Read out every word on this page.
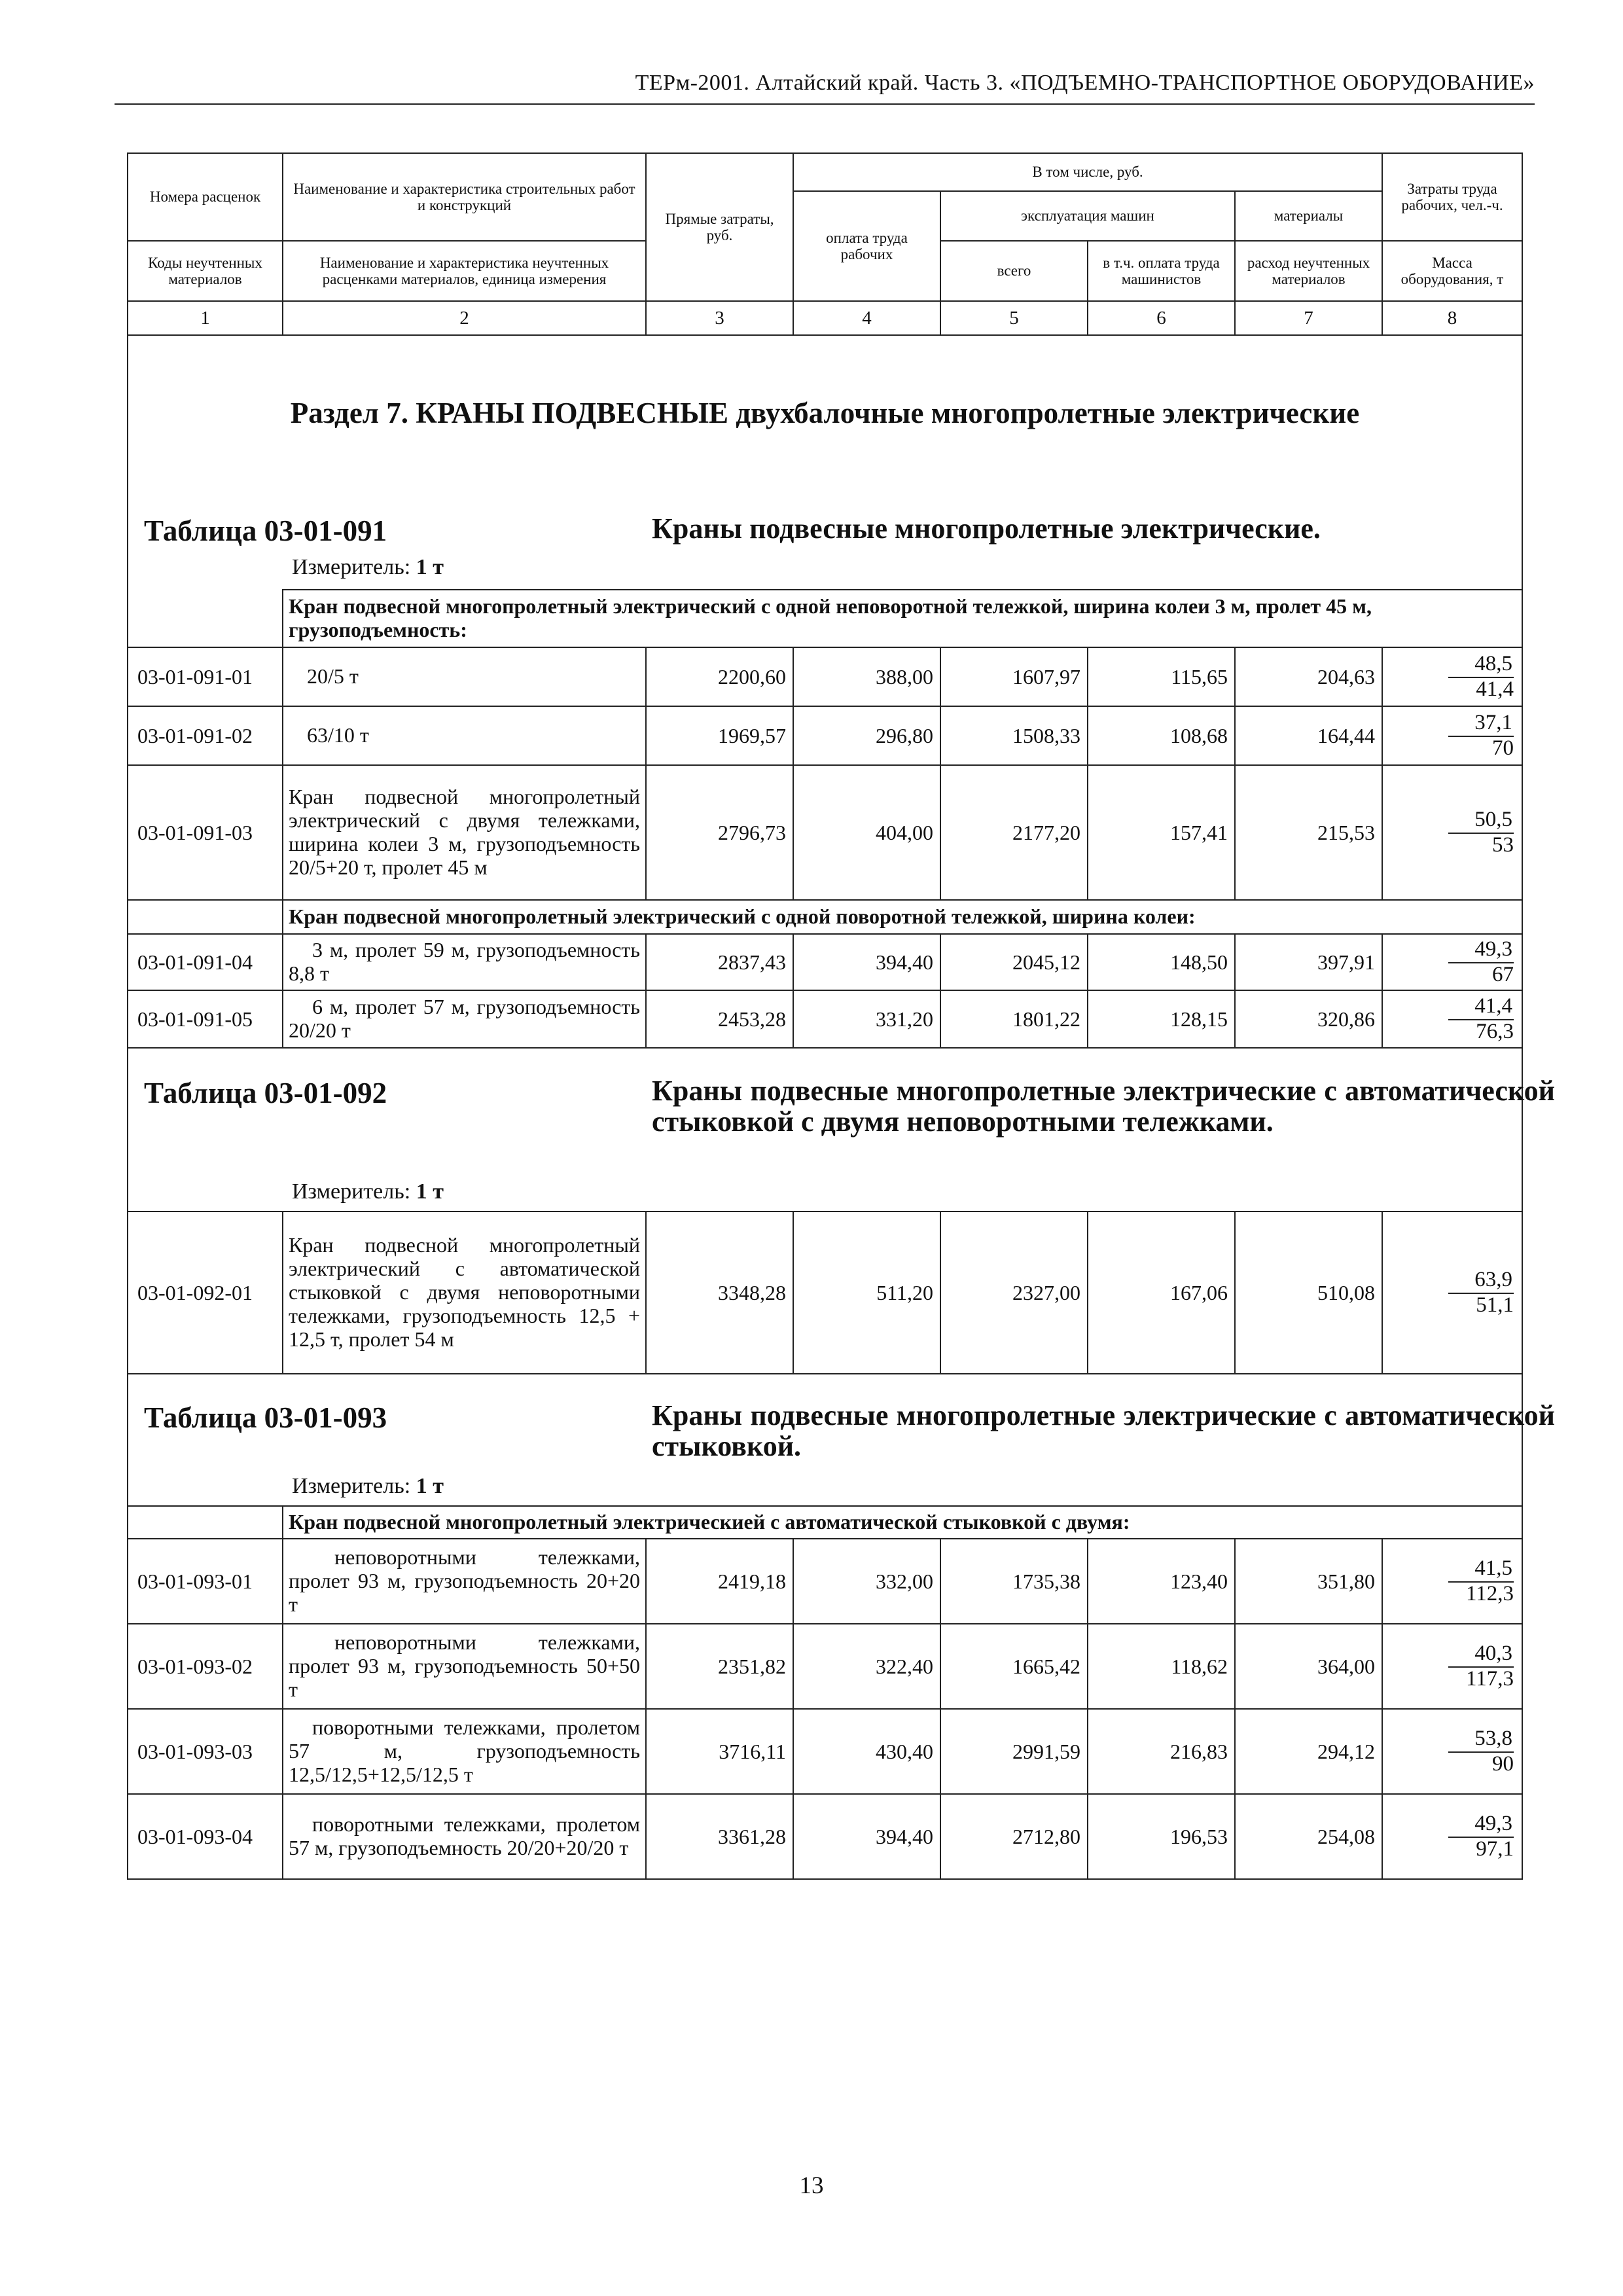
ТЕРм-2001. Алтайский край. Часть 3. «ПОДЪЕМНО-ТРАНСПОРТНОЕ ОБОРУДОВАНИЕ»
Номера расценок	Наименование и характеристика строительных работ и конструкций	Прямые затраты, руб.	В том числе, руб.				Затраты труда рабочих, чел.-ч.
			оплата труда рабочих	эксплуатация машин		материалы	
Коды неучтенных материалов	Наименование и характеристика неучтенных расценками материалов, единица измерения			всего	в т.ч. оплата труда машинистов	расход неучтенных материалов	Масса оборудования, т
1	2	3	4	5	6	7	8

Раздел 7. КРАНЫ ПОДВЕСНЫЕ двухбалочные многопролетные электрические
Таблица 03-01-091 Краны подвесные многопролетные электрические.
Измеритель: 1 т							

	Кран подвесной многопролетный электрический с одной неповоротной тележкой, ширина колеи 3 м, пролет 45 м, грузоподъемность:						
03-01-091-01	20/5 т	2200,60	388,00	1607,97	115,65	204,63	48,5
41,4

03-01-091-02	63/10 т	1969,57	296,80	1508,33	108,68	164,44	37,1
70

03-01-091-03	Кран подвесной многопролетный электрический с двумя тележками, ширина колеи 3 м, грузоподъемность 20/5+20 т, пролет 45 м	2796,73	404,00	2177,20	157,41	215,53	50,5
53

	Кран подвесной многопролетный электрический с одной поворотной тележкой, ширина колеи:						
03-01-091-04	3 м, пролет 59 м, грузоподъемность 8,8 т	2837,43	394,40	2045,12	148,50	397,91	49,3
67

03-01-091-05	6 м, пролет 57 м, грузоподъемность 20/20 т	2453,28	331,20	1801,22	128,15	320,86	41,4
76,3

Таблица 03-01-092 Краны подвесные многопролетные электрические с автоматической стыковкой с двумя неповоротными тележками.
Измеритель: 1 т							

03-01-092-01	Кран подвесной многопролетный электрический с автоматической стыковкой с двумя неповоротными тележками, грузоподъемность 12,5 + 12,5 т, пролет 54 м	3348,28	511,20	2327,00	167,06	510,08	63,9
51,1

Таблица 03-01-093 Краны подвесные многопролетные электрические с автоматической стыковкой.
Измеритель: 1 т							

	Кран подвесной многопролетный электрическией с автоматической стыковкой с двумя:						
03-01-093-01	неповоротными тележками, пролет 93 м, грузоподъемность 20+20 т	2419,18	332,00	1735,38	123,40	351,80	41,5
112,3

03-01-093-02	неповоротными тележками, пролет 93 м, грузоподъемность 50+50 т	2351,82	322,40	1665,42	118,62	364,00	40,3
117,3

03-01-093-03	поворотными тележками, пролетом 57 м, грузоподъемность 12,5/12,5+12,5/12,5 т	3716,11	430,40	2991,59	216,83	294,12	53,8
90

03-01-093-04	поворотными тележками, пролетом 57 м, грузоподъемность 20/20+20/20 т	3361,28	394,40	2712,80	196,53	254,08	49,3
97,1
13
